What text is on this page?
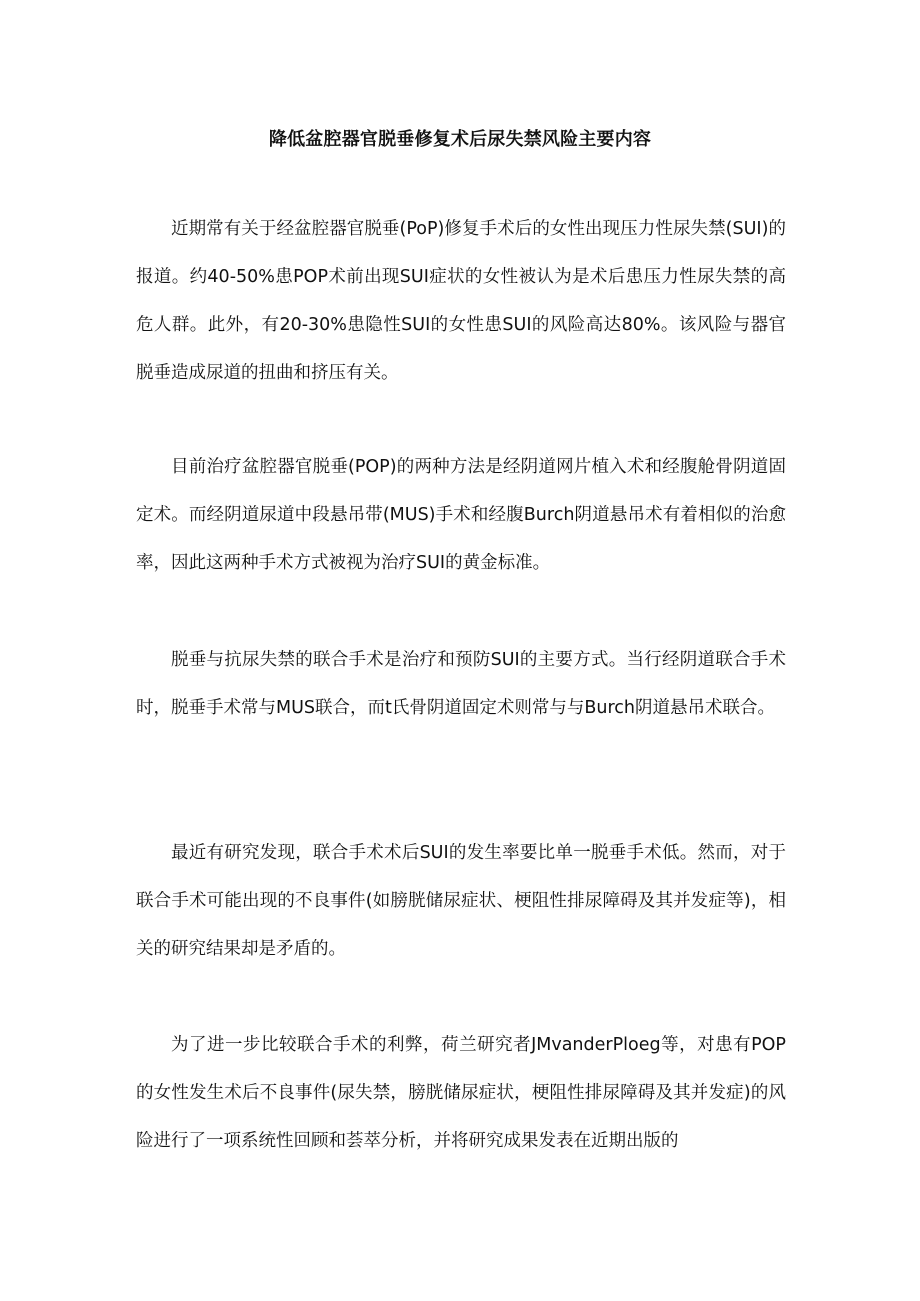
降低盆腔器官脱垂修复术后尿失禁风险主要内容

近期常有关于经盆腔器官脱垂(PoP)修复手术后的女性出现压力性尿失禁(SUI)的报道。约40-50%患POP术前出现SUI症状的女性被认为是术后患压力性尿失禁的高危人群。此外，有20-30%患隐性SUI的女性患SUI的风险高达80%。该风险与器官脱垂造成尿道的扭曲和挤压有关。

目前治疗盆腔器官脱垂(POP)的两种方法是经阴道网片植入术和经腹舱骨阴道固定术。而经阴道尿道中段悬吊带(MUS)手术和经腹Burch阴道悬吊术有着相似的治愈率，因此这两种手术方式被视为治疗SUI的黄金标准。

脱垂与抗尿失禁的联合手术是治疗和预防SUI的主要方式。当行经阴道联合手术时，脱垂手术常与MUS联合，而t氏骨阴道固定术则常与与Burch阴道悬吊术联合。

最近有研究发现，联合手术术后SUI的发生率要比单一脱垂手术低。然而，对于联合手术可能出现的不良事件(如膀胱储尿症状、梗阻性排尿障碍及其并发症等)，相关的研究结果却是矛盾的。

为了进一步比较联合手术的利弊，荷兰研究者JMvanderPloeg等，对患有POP的女性发生术后不良事件(尿失禁，膀胱储尿症状，梗阻性排尿障碍及其并发症)的风险进行了一项系统性回顾和荟萃分析，并将研究成果发表在近期出版的
